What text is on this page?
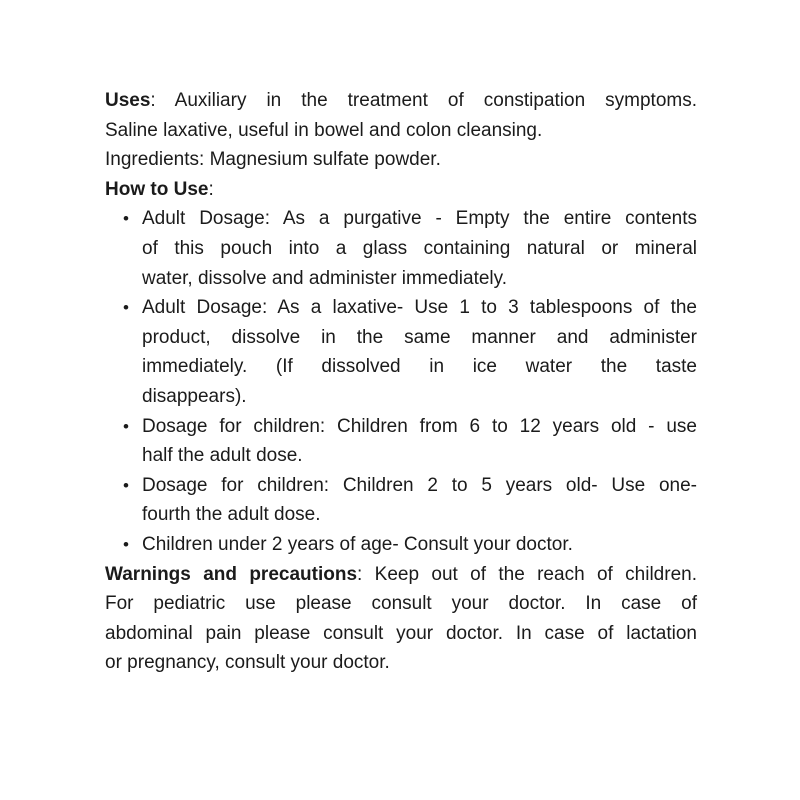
Uses: Auxiliary in the treatment of constipation symptoms.
Saline laxative, useful in bowel and colon cleansing.
Ingredients: Magnesium sulfate powder.
How to Use:
• Adult Dosage: As a purgative - Empty the entire contents
of this pouch into a glass containing natural or mineral
water, dissolve and administer immediately.
• Adult Dosage: As a laxative- Use 1 to 3 tablespoons of the
product, dissolve in the same manner and administer
immediately. (If dissolved in ice water the taste
disappears).
• Dosage for children: Children from 6 to 12 years old - use
half the adult dose.
• Dosage for children: Children 2 to 5 years old- Use one-
fourth the adult dose.
• Children under 2 years of age- Consult your doctor.
Warnings and precautions: Keep out of the reach of children.
For pediatric use please consult your doctor. In case of
abdominal pain please consult your doctor. In case of lactation
or pregnancy, consult your doctor.
